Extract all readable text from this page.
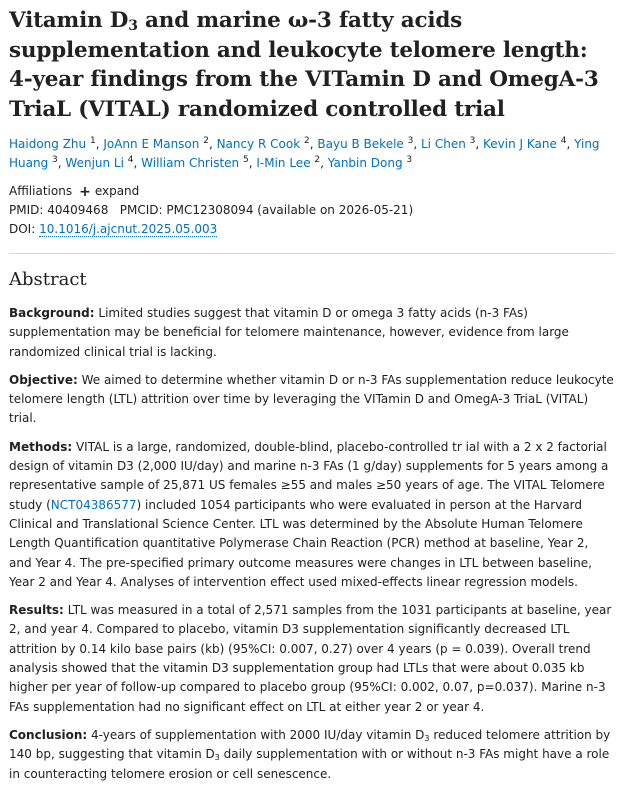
Vitamin $D_3$ and marine ω-3 fatty acids supplementation and leukocyte telomere length: 4-year findings from the VITamin D and OmegA-3 TriaL (VITAL) randomized controlled trial
Haidong Zhu $^1$, JoAnn E Manson $^2$, Nancy R Cook $^2$, Bayu B Bekele $^3$, Li Chen $^3$, Kevin J Kane $^4$, Ying Huang $^3$, Wenjun Li $^4$, William Christen $^5$, I-Min Lee $^2$, Yanbin Dong $^3$
Affiliations + expand
PMID: 40409468 PMCID: PMC12308094 (available on 2026-05-21)
DOI: 10.1016/j.ajcnut.2025.05.003
Abstract

Background: Limited studies suggest that vitamin D or omega 3 fatty acids (n-3 FAs) supplementation may be beneficial for telomere maintenance, however, evidence from large randomized clinical trial is lacking.

Objective: We aimed to determine whether vitamin D or n-3 FAs supplementation reduce leukocyte telomere length (LTL) attrition over time by leveraging the VITamin D and OmegA-3 TriaL (VITAL) trial.

Methods: VITAL is a large, randomized, double-blind, placebo-controlled tr ial with a 2 x 2 factorial design of vitamin D3 (2,000 IU/day) and marine n-3 FAs (1 g/day) supplements for 5 years among a representative sample of 25,871 US females ≥55 and males ≥50 years of age. The VITAL Telomere study (NCT04386577) included 1054 participants who were evaluated in person at the Harvard Clinical and Translational Science Center. LTL was determined by the Absolute Human Telomere Length Quantification quantitative Polymerase Chain Reaction (PCR) method at baseline, Year 2, and Year 4. The pre-specified primary outcome measures were changes in LTL between baseline, Year 2 and Year 4. Analyses of intervention effect used mixed-effects linear regression models.

Results: LTL was measured in a total of 2,571 samples from the 1031 participants at baseline, year 2, and year 4. Compared to placebo, vitamin D3 supplementation significantly decreased LTL attrition by 0.14 kilo base pairs (kb) (95%CI: 0.007, 0.27) over 4 years (p = 0.039). Overall trend analysis showed that the vitamin D3 supplementation group had LTLs that were about 0.035 kb higher per year of follow-up compared to placebo group (95%CI: 0.002, 0.07, p=0.037). Marine n-3 FAs supplementation had no significant effect on LTL at either year 2 or year 4.

Conclusion: 4-years of supplementation with 2000 IU/day vitamin $D_3$ reduced telomere attrition by 140 bp, suggesting that vitamin $D_3$ daily supplementation with or without n-3 FAs might have a role in counteracting telomere erosion or cell senescence.
